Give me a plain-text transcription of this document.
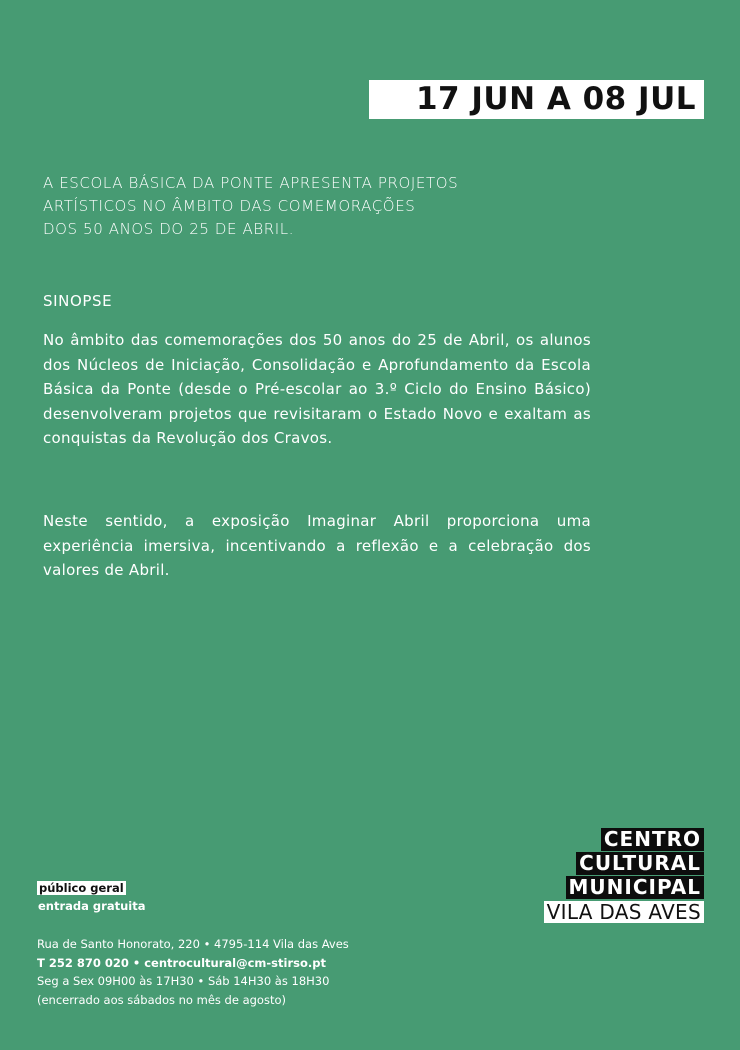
17 JUN A 08 JUL
A ESCOLA BÁSICA DA PONTE APRESENTA PROJETOS
ARTÍSTICOS NO ÂMBITO DAS COMEMORAÇÕES
DOS 50 ANOS DO 25 DE ABRIL.
SINOPSE
No âmbito das comemorações dos 50 anos do 25 de Abril, os alunos dos Núcleos de Iniciação, Consolidação e Aprofundamento da Escola Básica da Ponte (desde o Pré-escolar ao 3.º Ciclo do Ensino Básico) desenvolveram projetos que revisitaram o Estado Novo e exaltam as conquistas da Revolução dos Cravos.
Neste sentido, a exposição Imaginar Abril proporciona uma experiência imersiva, incentivando a reflexão e a celebração dos valores de Abril.
CENTRO
CULTURAL
MUNICIPAL
VILA DAS AVES
público geral
entrada gratuita
Rua de Santo Honorato, 220 • 4795-114 Vila das Aves
T 252 870 020 • centrocultural@cm-stirso.pt
Seg a Sex 09H00 às 17H30 • Sáb 14H30 às 18H30
(encerrado aos sábados no mês de agosto)
